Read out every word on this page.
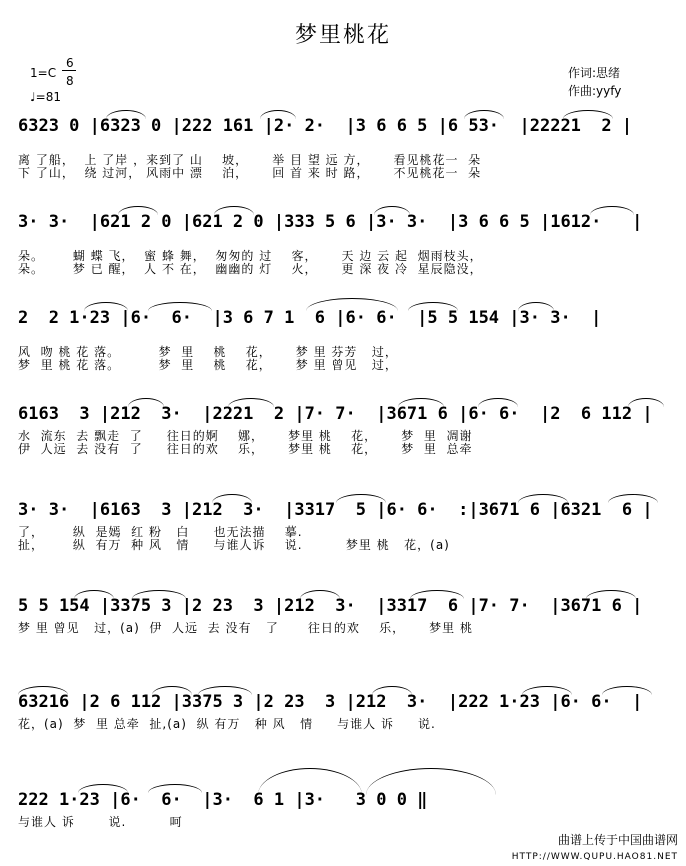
梦里桃花
1=C
6
8
♩=81
作词:思绪
作曲:yyfy
6323 0 |6323 0 |222 161 |2· 2·  |3 6 6 5 |6 53·  |22221  2 |
离 了船，  上 了岸 ，来到了 山    坡，     举 目 望 远 方，     看见桃花一  朵
下 了山，  绕 过河， 风雨中 漂    泊，     回 首 来 时 路，     不见桃花一  朵
3· 3·  |621 2 0 |621 2 0 |333 5 6 |3· 3·  |3 6 6 5 |1612·   |
朵。      蝴 蝶 飞，  蜜 蜂 舞，  匆匆的 过    客，     天 边 云 起  烟雨枝头，
朵。      梦 已 醒，  人 不 在，  幽幽的 灯    火，     更 深 夜 冷  星辰隐没，
2  2 1·23 |6·  6·  |3 6 7 1  6 |6· 6·  |5 5 154 |3· 3·  |
风  吻 桃 花 落。        梦  里    桃    花，     梦 里 芬芳   过，
梦  里 桃 花 落。        梦  里    桃    花，     梦 里 曾见   过，
6163  3 |212  3·  |2221  2 |7· 7·  |3671 6 |6· 6·  |2  6 112 |
水  流东  去 飘走  了     往日的婀    娜，     梦里 桃    花，     梦  里  凋谢
伊  人远  去 没有  了     往日的欢    乐，     梦里 桃    花，     梦  里  总牵
3· 3·  |6163  3 |212  3·  |3317  5 |6· 6·  :|3671 6 |6321  6 |
了，      纵  是嫣  红 粉   白     也无法描    摹.
扯，      纵  有万  种 风   情     与谁人诉    说.         梦里 桃   花，(a)
5 5 154 |3375 3 |2 23  3 |212  3·  |3317  6 |7· 7·  |3671 6 |
梦 里 曾见   过，(a)  伊  人远  去 没有   了      往日的欢    乐，     梦里 桃
63216 |2 6 112 |3375 3 |2 23  3 |212  3·  |222 1·23 |6· 6·  |
花，(a)  梦  里 总牵  扯,(a)  纵 有万   种 风   情     与谁人 诉     说.
222 1·23 |6·  6·  |3·  6 1 |3·   3 0 0 ‖
与谁人 诉       说.         呵
曲谱上传于中国曲谱网
HTTP://WWW.QUPU.HAO81.NET
